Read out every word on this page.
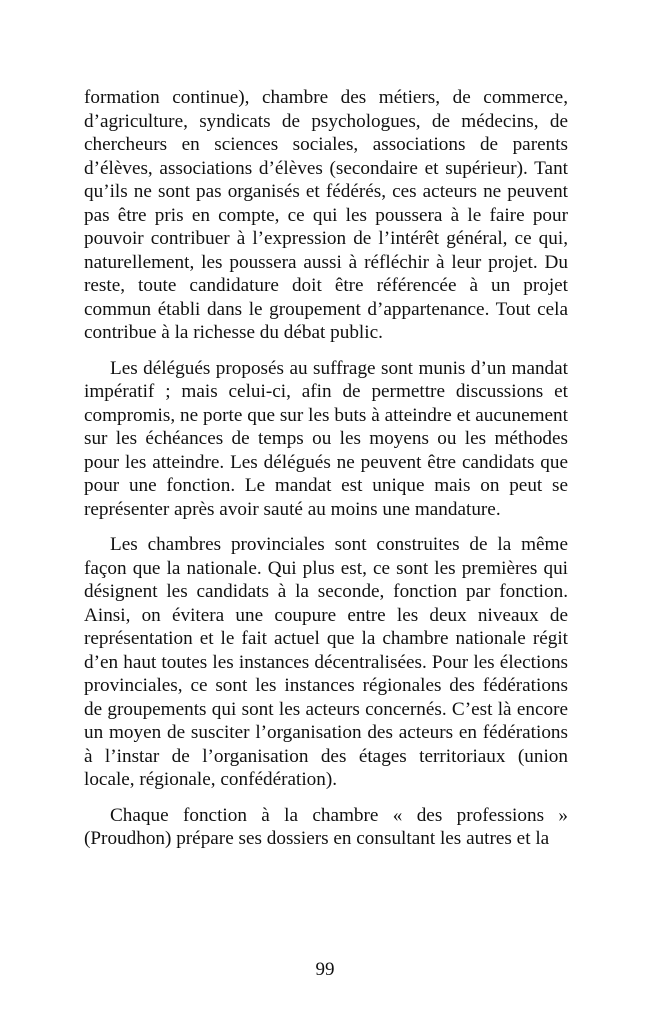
formation continue), chambre des métiers, de commerce, d’agriculture, syndicats de psychologues, de médecins, de chercheurs en sciences sociales, associations de parents d’élèves, associations d’élèves (secondaire et supérieur). Tant qu’ils ne sont pas organisés et fédérés, ces acteurs ne peuvent pas être pris en compte, ce qui les poussera à le faire pour pouvoir contribuer à l’expression de l’intérêt général, ce qui, naturellement, les poussera aussi à réfléchir à leur projet. Du reste, toute candidature doit être référencée à un projet commun établi dans le groupement d’appartenance. Tout cela contribue à la richesse du débat public.

Les délégués proposés au suffrage sont munis d’un mandat impératif ; mais celui-ci, afin de permettre discussions et compromis, ne porte que sur les buts à atteindre et aucunement sur les échéances de temps ou les moyens ou les méthodes pour les atteindre. Les délégués ne peuvent être candidats que pour une fonction. Le mandat est unique mais on peut se représenter après avoir sauté au moins une mandature.

Les chambres provinciales sont construites de la même façon que la nationale. Qui plus est, ce sont les premières qui désignent les candidats à la seconde, fonction par fonction. Ainsi, on évitera une coupure entre les deux niveaux de représentation et le fait actuel que la chambre nationale régit d’en haut toutes les instances décentralisées. Pour les élections provinciales, ce sont les instances régionales des fédérations de groupements qui sont les acteurs concernés. C’est là encore un moyen de susciter l’organisation des acteurs en fédérations à l’instar de l’organisation des étages territoriaux (union locale, régionale, confédération).

Chaque fonction à la chambre « des professions » (Proudhon) prépare ses dossiers en consultant les autres et la

99
